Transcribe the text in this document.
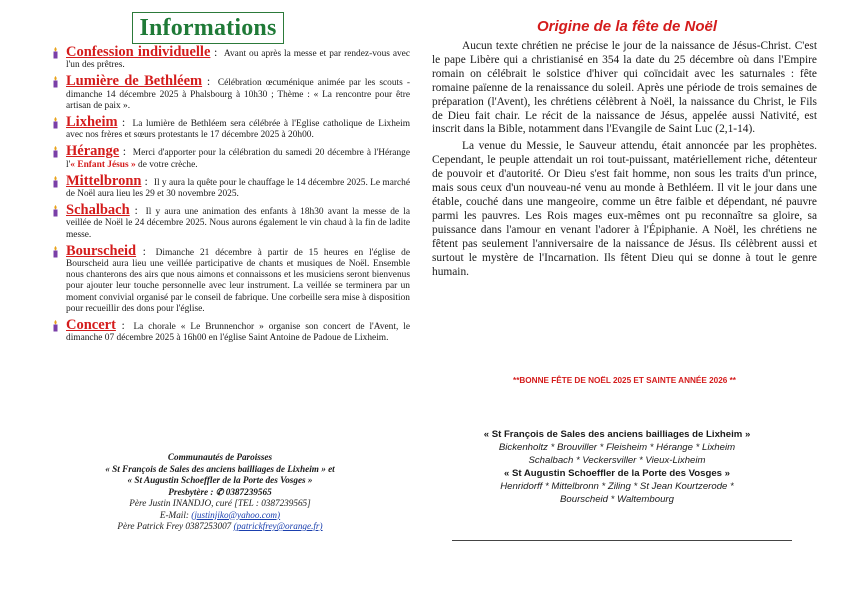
Informations
Confession individuelle : Avant ou après la messe et par rendez-vous avec l'un des prêtres.
Lumière de Bethléem : Célébration œcuménique animée par les scouts - dimanche 14 décembre 2025 à Phalsbourg à 10h30 ; Thème : « La rencontre pour être artisan de paix ».
Lixheim : La lumière de Bethléem sera célébrée à l'Eglise catholique de Lixheim avec nos frères et sœurs protestants le 17 décembre 2025 à 20h00.
Hérange : Merci d'apporter pour la célébration du samedi 20 décembre à l'Hérange l'« Enfant Jésus » de votre crèche.
Mittelbronn : Il y aura la quête pour le chauffage le 14 décembre 2025. Le marché de Noël aura lieu les 29 et 30 novembre 2025.
Schalbach : Il y aura une animation des enfants à 18h30 avant la messe de la veillée de Noël le 24 décembre 2025. Nous aurons également le vin chaud à la fin de ladite messe.
Bourscheid : Dimanche 21 décembre à partir de 15 heures en l'église de Bourscheid aura lieu une veillée participative de chants et musiques de Noël. Ensemble nous chanterons des airs que nous aimons et connaissons et les musiciens seront bienvenus pour ajouter leur touche personnelle avec leur instrument. La veillée se terminera par un moment convivial organisé par le conseil de fabrique. Une corbeille sera mise à disposition pour recueillir des dons pour l'église.
Concert : La chorale « Le Brunnenchor » organise son concert de l'Avent, le dimanche 07 décembre 2025 à 16h00 en l'église Saint Antoine de Padoue de Lixheim.
Communautés de Paroisses
« St François de Sales des anciens bailliages de Lixheim » et
« St Augustin Schoeffler de la Porte des Vosges »
Presbytère : ✆ 0387239565
Père Justin INANDJO, curé [TEL : 0387239565]
E-Mail: (justinjiko@yahoo.com)
Père Patrick Frey 0387253007 (patrickfrey@orange.fr)
Origine de la fête de Noël

Aucun texte chrétien ne précise le jour de la naissance de Jésus-Christ. C'est le pape Libère qui a christianisé en 354 la date du 25 décembre où dans l'Empire romain on célébrait le solstice d'hiver qui coïncidait avec les saturnales : fête romaine païenne de la renaissance du soleil. Après une période de trois semaines de préparation (l'Avent), les chrétiens célèbrent à Noël, la naissance du Christ, le Fils de Dieu fait chair. Le récit de la naissance de Jésus, appelée aussi Nativité, est inscrit dans la Bible, notamment dans l'Evangile de Saint Luc (2,1-14).

La venue du Messie, le Sauveur attendu, était annoncée par les prophètes. Cependant, le peuple attendait un roi tout-puissant, matériellement riche, détenteur de pouvoir et d'autorité. Or Dieu s'est fait homme, non sous les traits d'un prince, mais sous ceux d'un nouveau-né venu au monde à Bethléem. Il vit le jour dans une étable, couché dans une mangeoire, comme un être faible et dépendant, né pauvre parmi les pauvres. Les Rois mages eux-mêmes ont pu reconnaître sa gloire, sa puissance dans l'amour en venant l'adorer à l'Épiphanie. A Noël, les chrétiens ne fêtent pas seulement l'anniversaire de la naissance de Jésus. Ils célèbrent aussi et surtout le mystère de l'Incarnation. Ils fêtent Dieu qui se donne à tout le genre humain.

**BONNE FÊTE DE NOËL 2025 ET SAINTE ANNÉE 2026 **
« St François de Sales des anciens bailliages de Lixheim »
Bickenholtz * Brouviller * Fleisheim * Hérange * Lixheim
Schalbach * Veckersviller * Vieux-Lixheim
« St Augustin Schoeffler de la Porte des Vosges »
Henridorff * Mittelbronn * Ziling * St Jean Kourtzerode *
Bourscheid * Waltembourg
